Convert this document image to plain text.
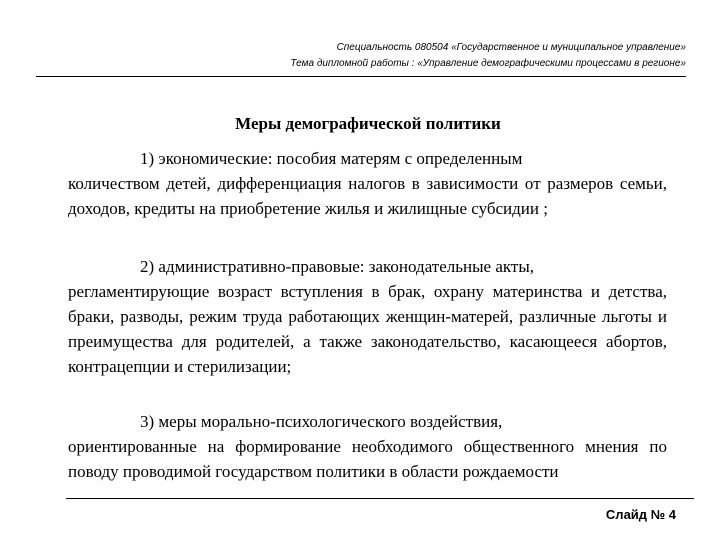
Специальность 080504 «Государственное и муниципальное управление»
Тема дипломной работы : «Управление демографическими процессами в регионе»
Меры демографической политики
1) экономические: пособия матерям с определенным
количеством детей, дифференциация налогов в зависимости от размеров семьи, доходов, кредиты на приобретение жилья и жилищные субсидии ;
2) административно-правовые: законодательные акты,
регламентирующие возраст вступления в брак, охрану материнства и детства, браки, разводы, режим труда работающих женщин-матерей, различные льготы и преимущества для родителей, а также законодательство, касающееся абортов, контрацепции и стерилизации;
3) меры морально-психологического воздействия,
ориентированные на формирование необходимого общественного мнения по поводу проводимой государством политики в области рождаемости
Слайд № 4
